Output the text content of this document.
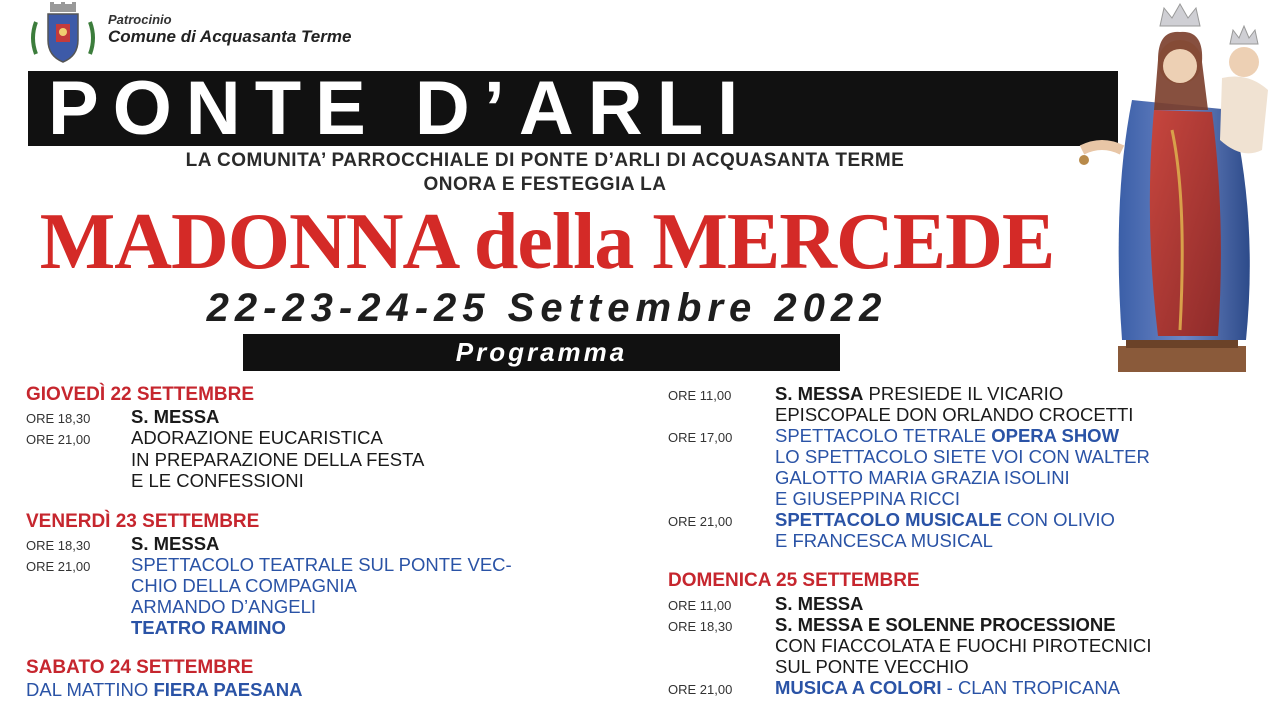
Patrocinio
Comune di Acquasanta Terme
PONTE D’ARLI
LA COMUNITA’ PARROCCHIALE DI PONTE D’ARLI DI ACQUASANTA TERME
ONORA E FESTEGGIA LA
MADONNA della MERCEDE
22-23-24-25 Settembre 2022
Programma
GIOVEDÌ 22 SETTEMBRE
ORE 18,30 S. MESSA
ORE 21,00 ADORAZIONE EUCARISTICA
IN PREPARAZIONE DELLA FESTA
E LE CONFESSIONI
VENERDÌ 23 SETTEMBRE
ORE 18,30 S. MESSA
ORE 21,00 SPETTACOLO TEATRALE SUL PONTE VEC-
CHIO DELLA COMPAGNIA
ARMANDO D’ANGELI
TEATRO RAMINO
SABATO 24 SETTEMBRE
DAL MATTINO FIERA PAESANA
ORE 11,00 S. MESSA PRESIEDE IL VICARIO
EPISCOPALE DON ORLANDO CROCETTI
ORE 17,00 SPETTACOLO TETRALE OPERA SHOW
LO SPETTACOLO SIETE VOI CON WALTER
GALOTTO MARIA GRAZIA ISOLINI
E GIUSEPPINA RICCI
ORE 21,00 SPETTACOLO MUSICALE CON OLIVIO
E FRANCESCA MUSICAL
DOMENICA 25 SETTEMBRE
ORE 11,00 S. MESSA
ORE 18,30 S. MESSA E SOLENNE PROCESSIONE
CON FIACCOLATA E FUOCHI PIROTECNICI
SUL PONTE VECCHIO
ORE 21,00 MUSICA A COLORI - CLAN TROPICANA
